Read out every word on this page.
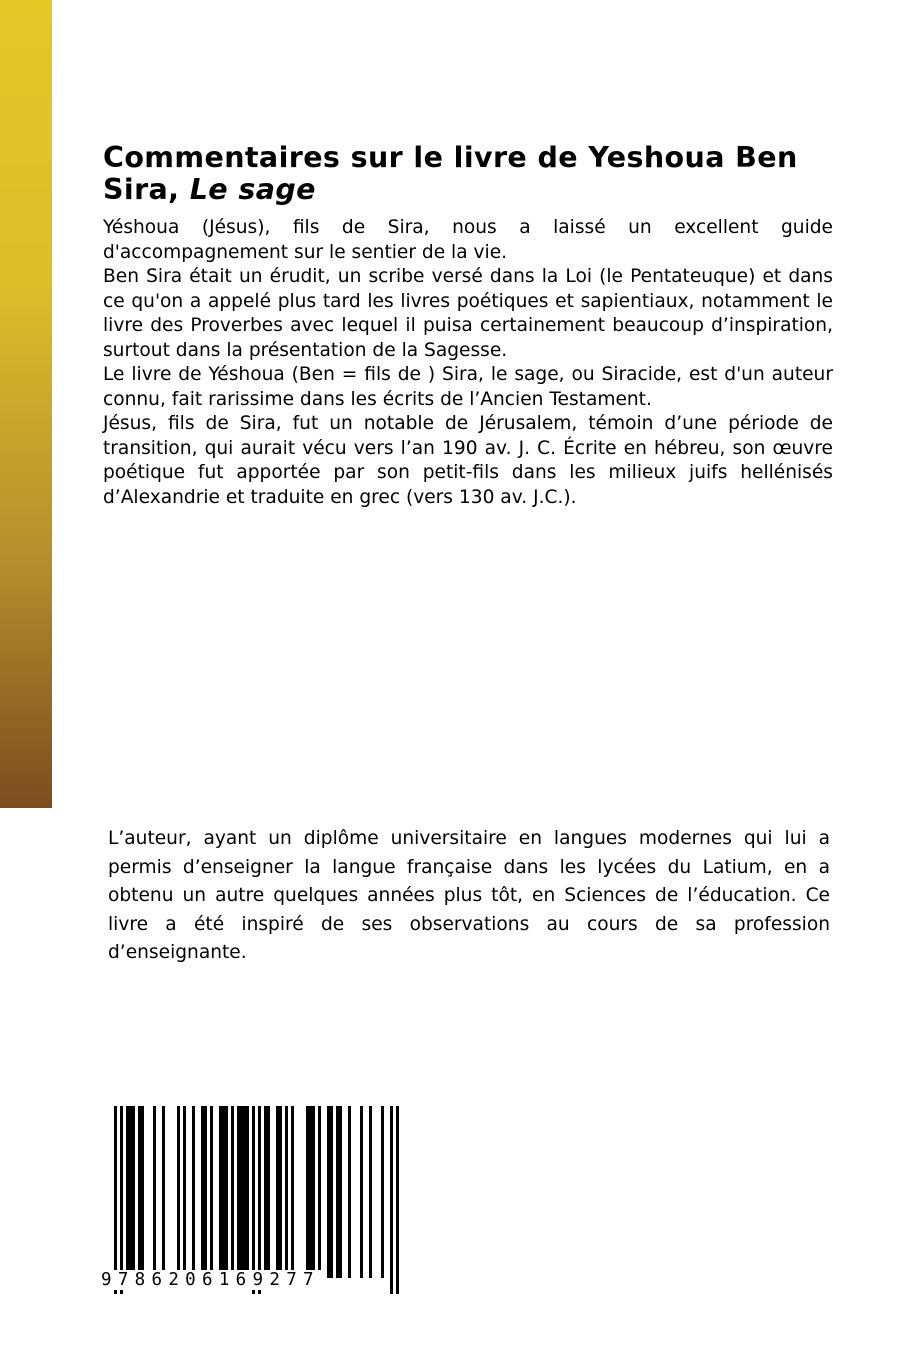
Commentaires sur le livre de Yeshoua Ben Sira, Le sage

Yéshoua (Jésus), fils de Sira, nous a laissé un excellent guide d'accompagnement sur le sentier de la vie.

Ben Sira était un érudit, un scribe versé dans la Loi (le Pentateuque) et dans ce qu'on a appelé plus tard les livres poétiques et sapientiaux, notamment le livre des Proverbes avec lequel il puisa certainement beaucoup d’inspiration, surtout dans la présentation de la Sagesse.

Le livre de Yéshoua (Ben = fils de ) Sira, le sage, ou Siracide, est d'un auteur connu, fait rarissime dans les écrits de l’Ancien Testament.

Jésus, fils de Sira, fut un notable de Jérusalem, témoin d’une période de transition, qui aurait vécu vers l’an 190 av. J. C. Écrite en hébreu, son œuvre poétique fut apportée par son petit-fils dans les milieux juifs hellénisés d’Alexandrie et traduite en grec (vers 130 av. J.C.).

L’auteur, ayant un diplôme universitaire en langues modernes qui lui a permis d’enseigner la langue française dans les lycées du Latium, en a obtenu un autre quelques années plus tôt, en Sciences de l’éducation. Ce livre a été inspiré de ses observations au cours de sa profession d’enseignante.

9786206169277
